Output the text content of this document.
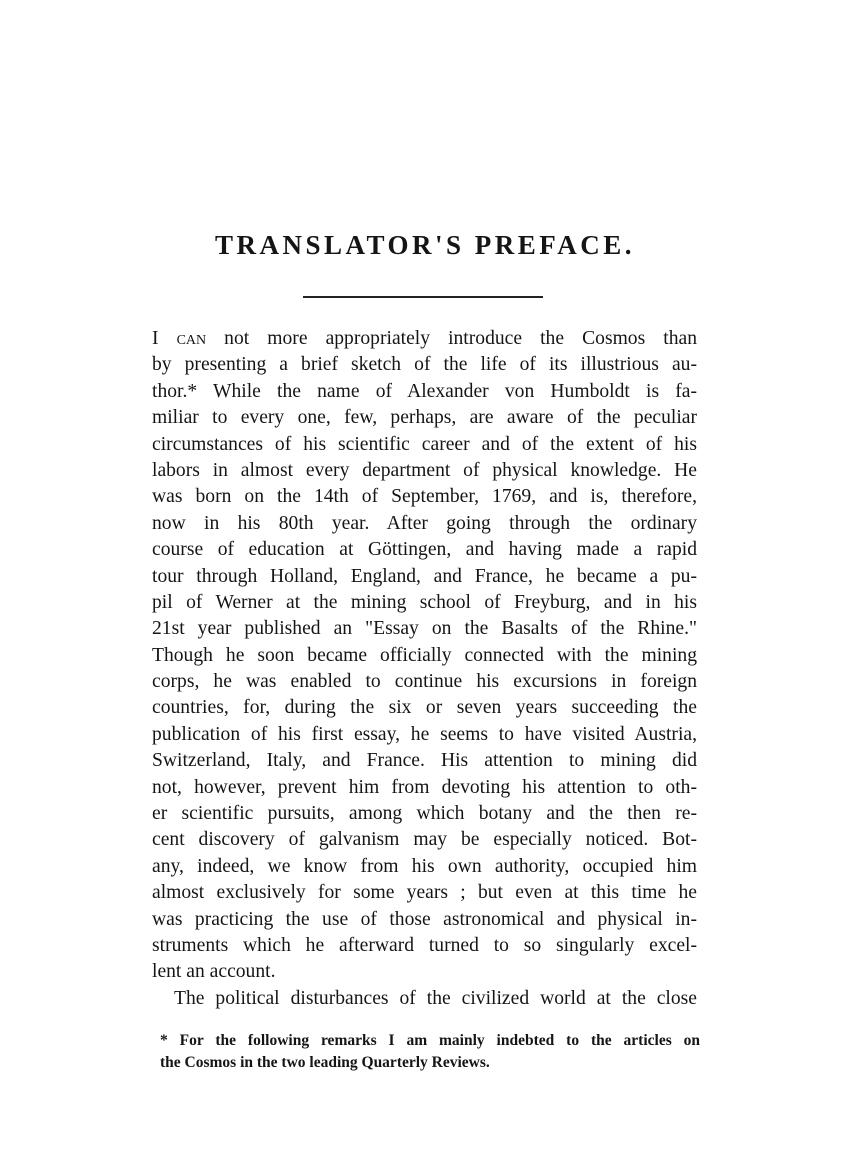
TRANSLATOR'S PREFACE.
I can not more appropriately introduce the Cosmos than
by presenting a brief sketch of the life of its illustrious au-
thor.* While the name of Alexander von Humboldt is fa-
miliar to every one, few, perhaps, are aware of the peculiar
circumstances of his scientific career and of the extent of his
labors in almost every department of physical knowledge. He
was born on the 14th of September, 1769, and is, therefore,
now in his 80th year. After going through the ordinary
course of education at Göttingen, and having made a rapid
tour through Holland, England, and France, he became a pu-
pil of Werner at the mining school of Freyburg, and in his
21st year published an "Essay on the Basalts of the Rhine."
Though he soon became officially connected with the mining
corps, he was enabled to continue his excursions in foreign
countries, for, during the six or seven years succeeding the
publication of his first essay, he seems to have visited Austria,
Switzerland, Italy, and France. His attention to mining did
not, however, prevent him from devoting his attention to oth-
er scientific pursuits, among which botany and the then re-
cent discovery of galvanism may be especially noticed. Bot-
any, indeed, we know from his own authority, occupied him
almost exclusively for some years ; but even at this time he
was practicing the use of those astronomical and physical in-
struments which he afterward turned to so singularly excel-
lent an account.
The political disturbances of the civilized world at the close
* For the following remarks I am mainly indebted to the articles on
the Cosmos in the two leading Quarterly Reviews.
